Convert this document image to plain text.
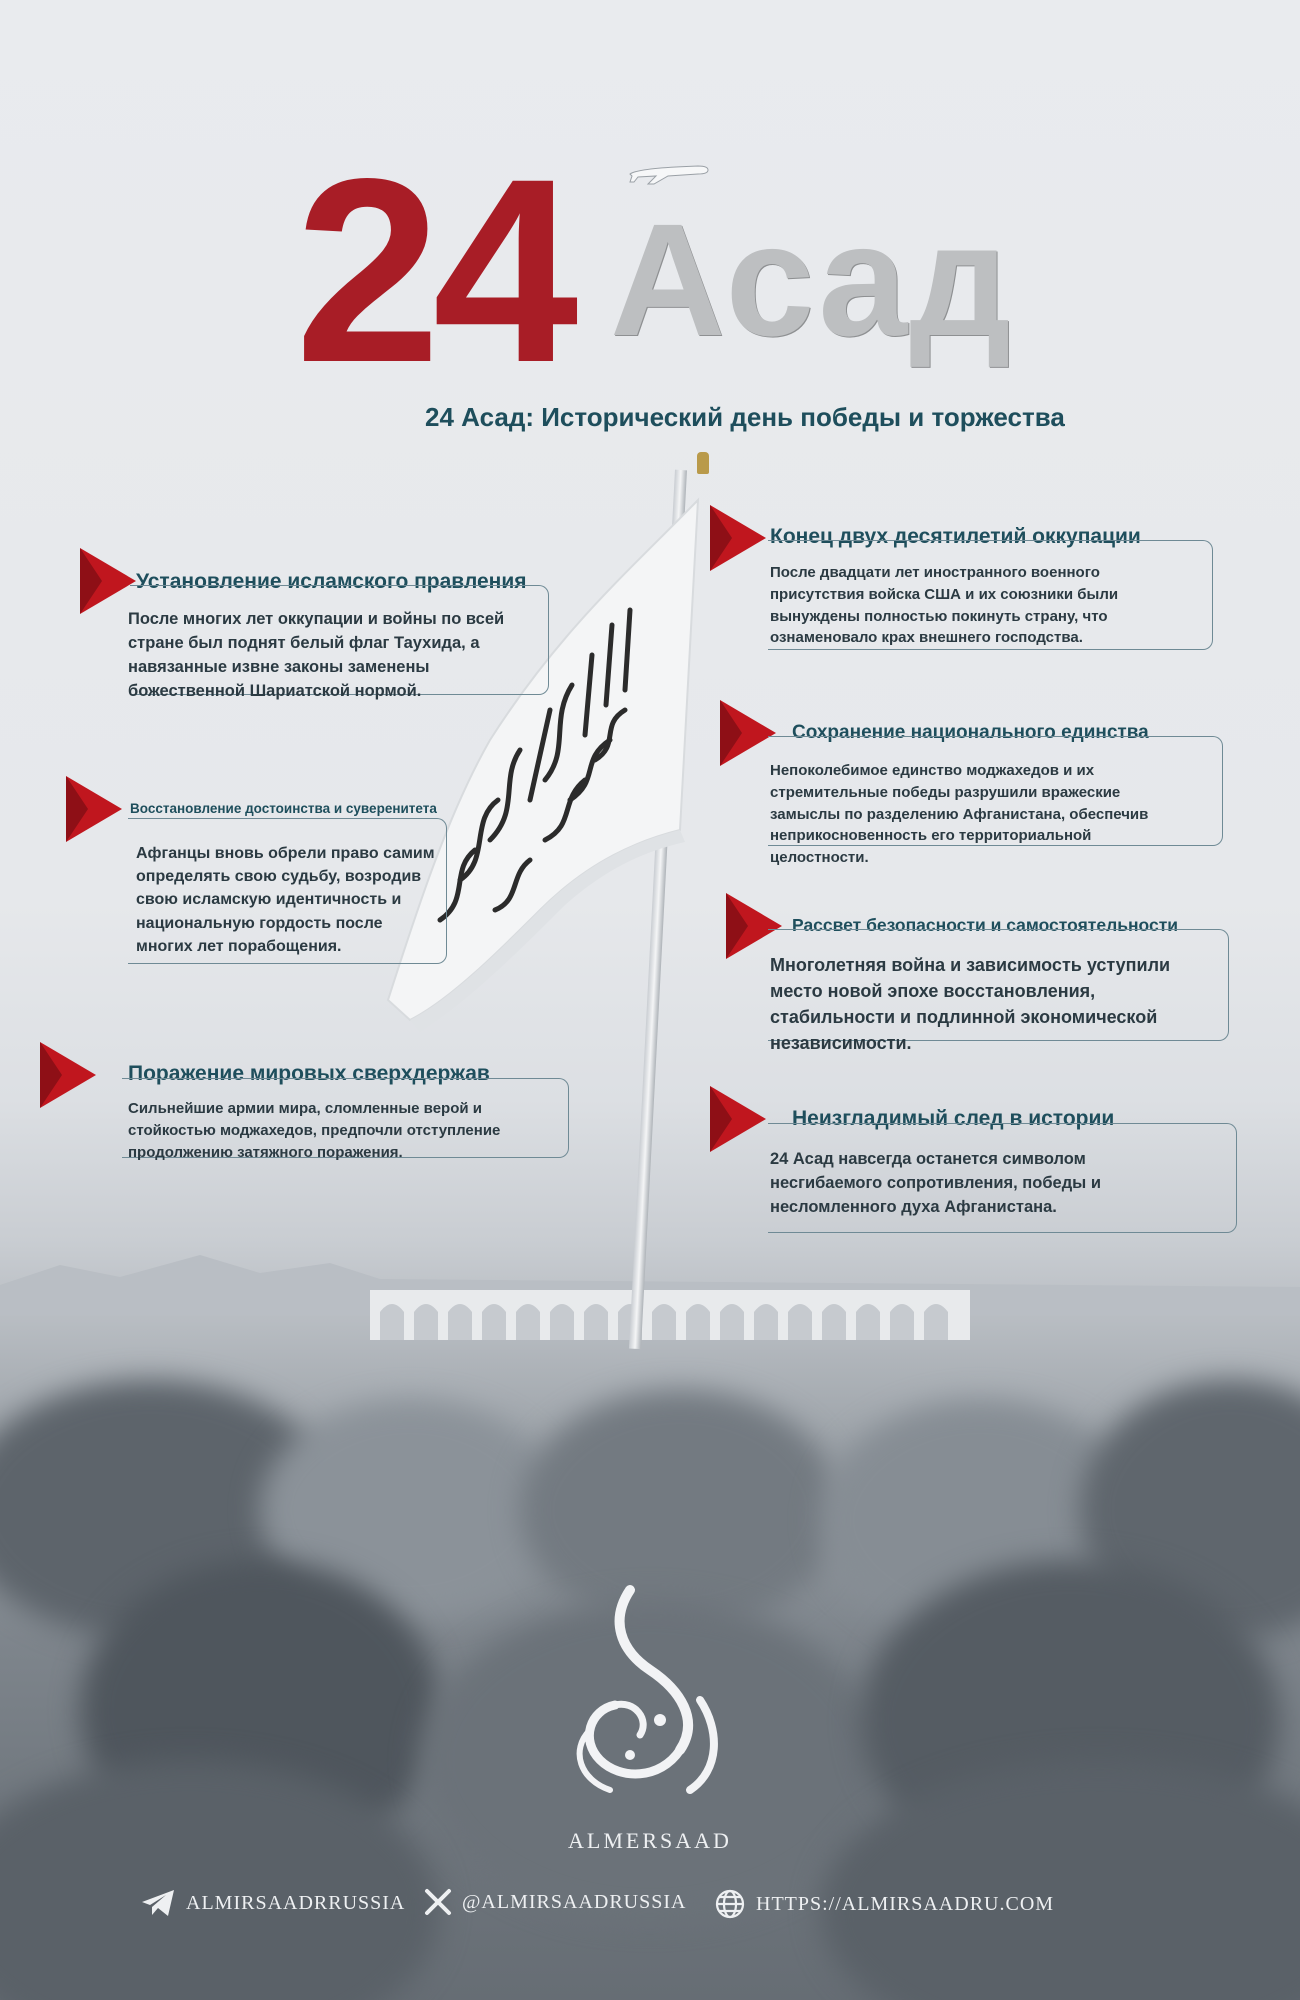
24 Асад
24 Асад: Исторический день победы и торжества
Установление исламского правления
После многих лет оккупации и войны по всей стране был поднят белый флаг Таухида, а навязанные извне законы заменены божественной Шариатской нормой.
Восстановление достоинства и суверенитета
Афганцы вновь обрели право самим определять свою судьбу, возродив свою исламскую идентичность и национальную гордость после многих лет порабощения.
Поражение мировых сверхдержав
Сильнейшие армии мира, сломленные верой и стойкостью моджахедов, предпочли отступление продолжению затяжного поражения.
Конец двух десятилетий оккупации
После двадцати лет иностранного военного присутствия войска США и их союзники были вынуждены полностью покинуть страну, что ознаменовало крах внешнего господства.
Сохранение национального единства
Непоколебимое единство моджахедов и их стремительные победы разрушили вражеские замыслы по разделению Афганистана, обеспечив неприкосновенность его территориальной целостности.
Рассвет безопасности и самостоятельности
Многолетняя война и зависимость уступили место новой эпохе восстановления, стабильности и подлинной экономической независимости.
Неизгладимый след в истории
24 Асад навсегда останется символом несгибаемого сопротивления, победы и несломленного духа Афганистана.
ALMERSAAD
ALMIRSAADRRUSSIA	@ALMIRSAADRUSSIA	HTTPS://ALMIRSAADRU.COM
